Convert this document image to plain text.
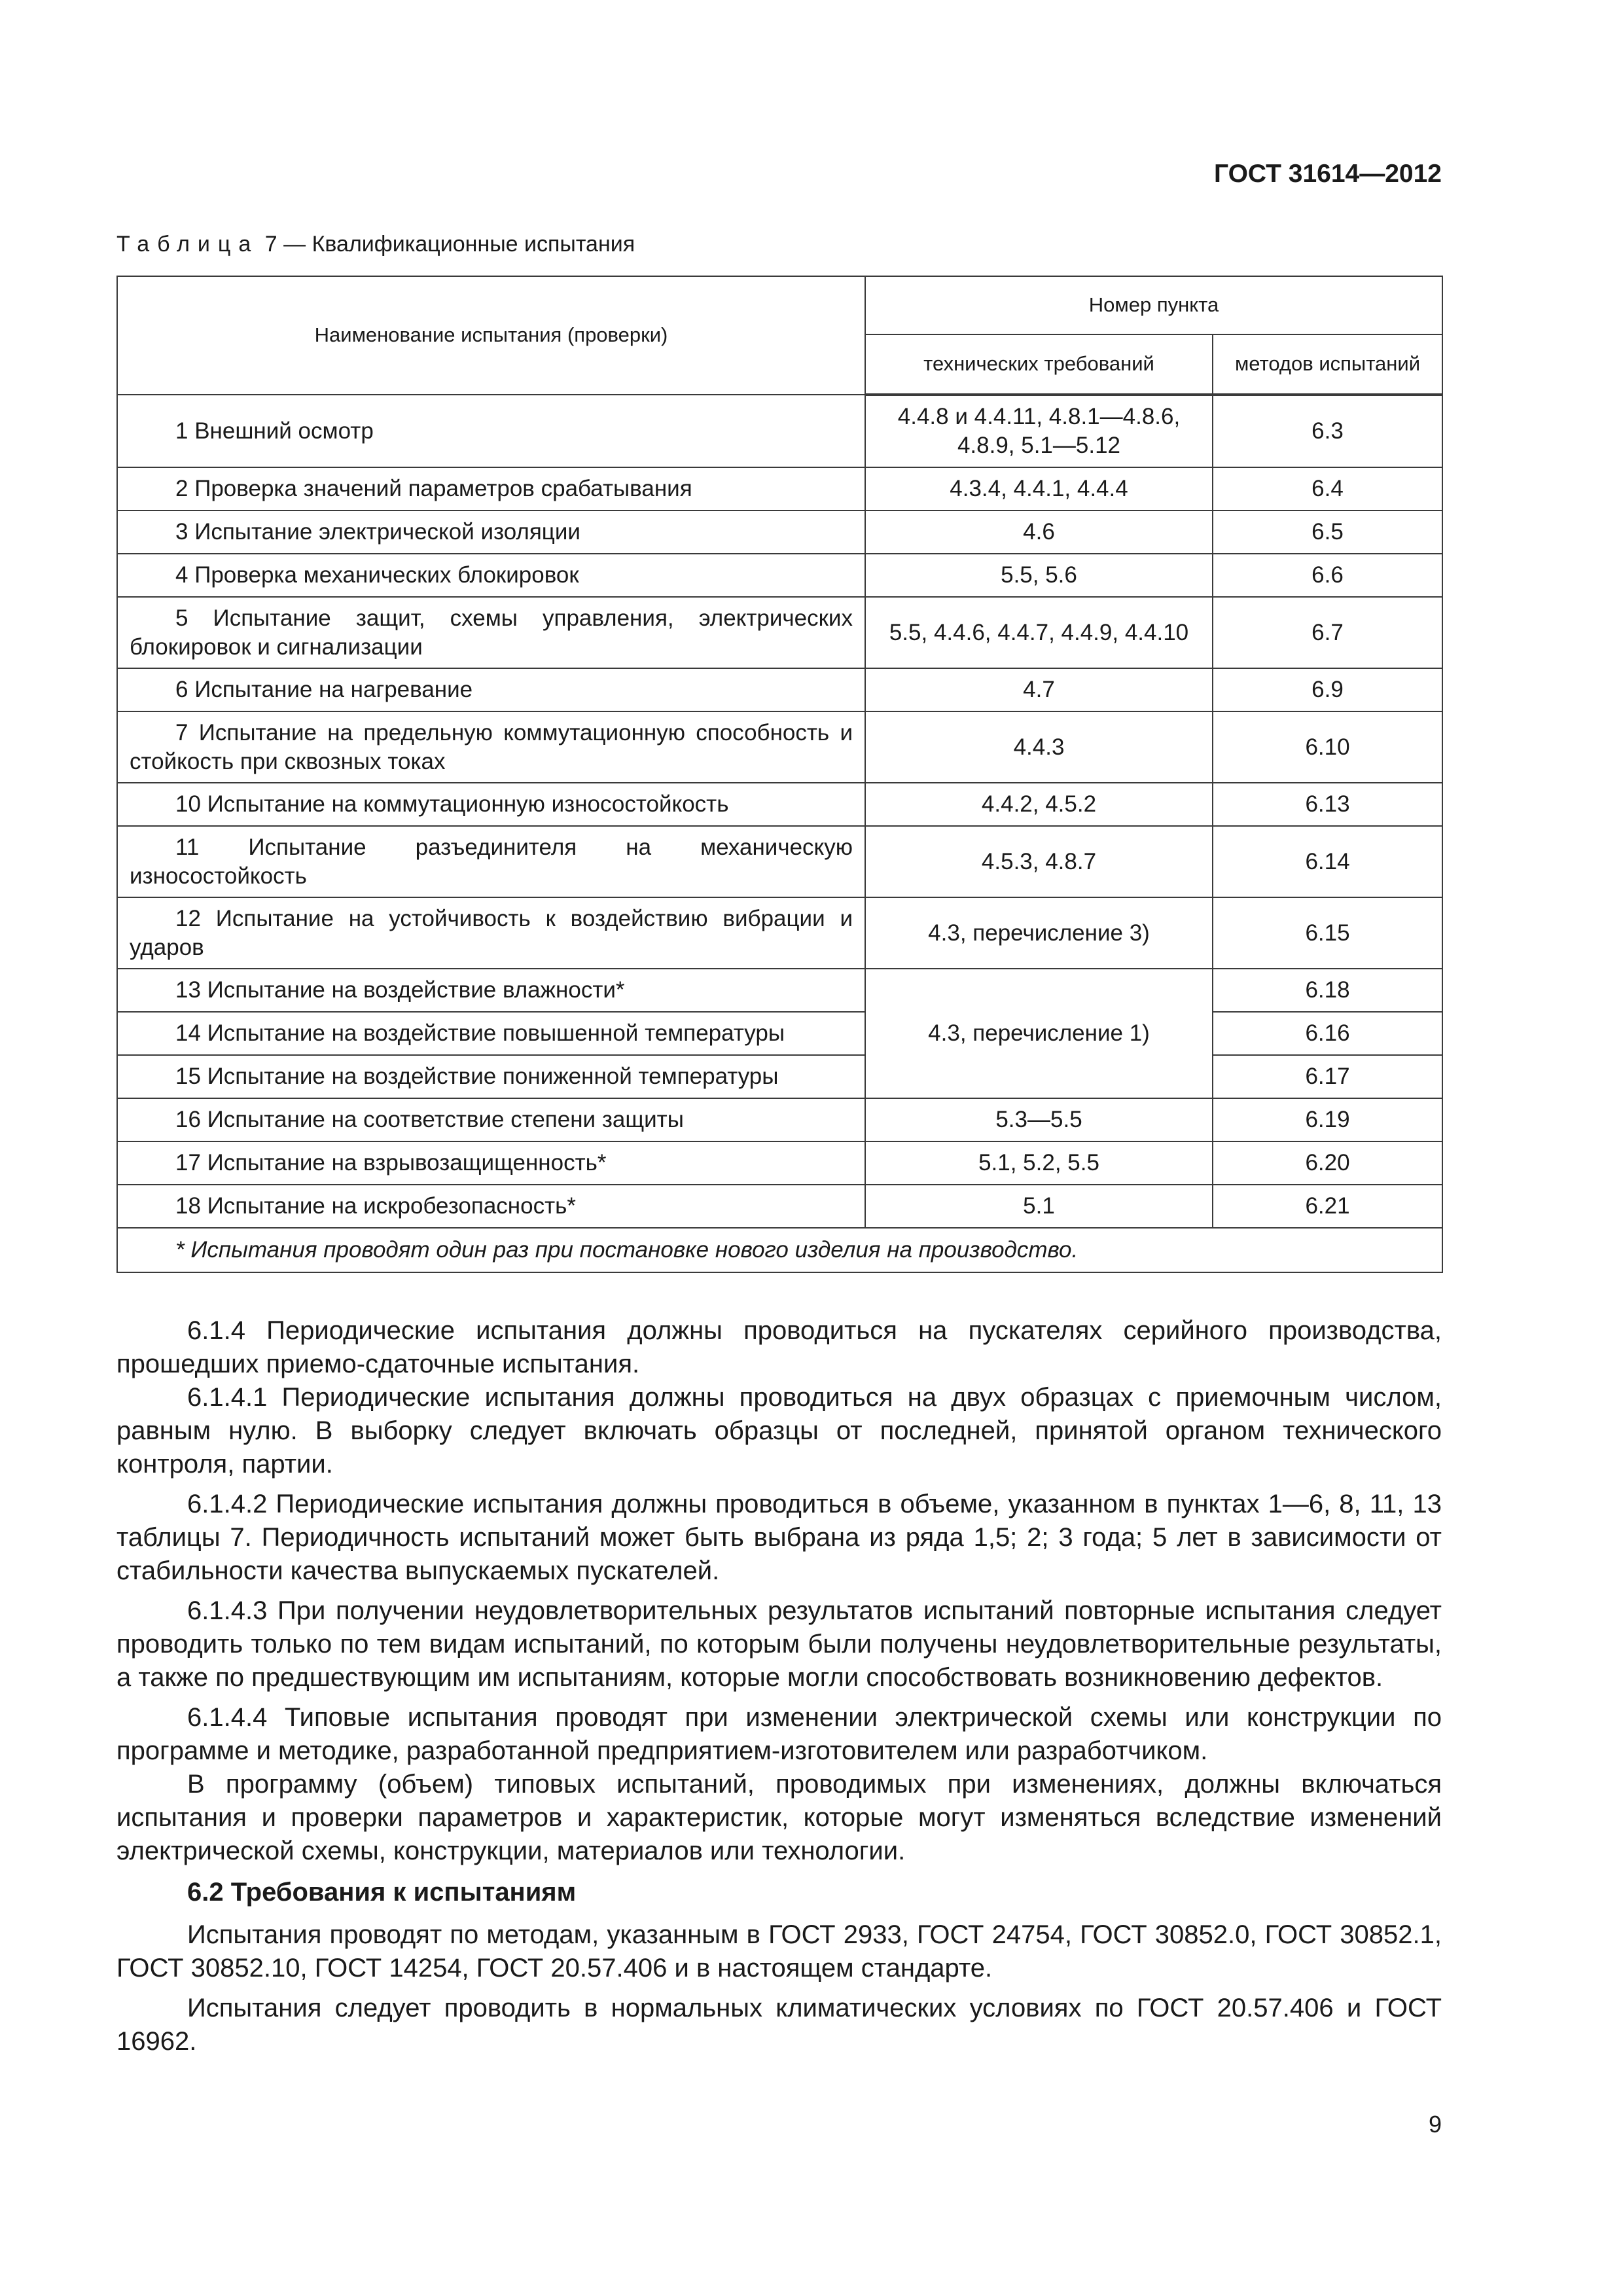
ГОСТ 31614—2012
Таблица 7 — Квалификационные испытания
Наименование испытания (проверки)	Номер пункта	
	технических требований	методов испытаний
1 Внешний осмотр	4.4.8 и 4.4.11, 4.8.1—4.8.6, 4.8.9, 5.1—5.12	6.3
2 Проверка значений параметров срабатывания	4.3.4, 4.4.1, 4.4.4	6.4
3 Испытание электрической изоляции	4.6	6.5
4 Проверка механических блокировок	5.5, 5.6	6.6
5 Испытание защит, схемы управления, электрических блокировок и сигнализации	5.5, 4.4.6, 4.4.7, 4.4.9, 4.4.10	6.7
6 Испытание на нагревание	4.7	6.9
7 Испытание на предельную коммутационную способность и стойкость при сквозных токах	4.4.3	6.10
10 Испытание на коммутационную износостойкость	4.4.2, 4.5.2	6.13
11 Испытание разъединителя на механическую износостойкость	4.5.3, 4.8.7	6.14
12 Испытание на устойчивость к воздействию вибрации и ударов	4.3, перечисление 3)	6.15
13 Испытание на воздействие влажности*	4.3, перечисление 1)	6.18
14 Испытание на воздействие повышенной температуры		6.16
15 Испытание на воздействие пониженной температуры		6.17
16 Испытание на соответствие степени защиты	5.3—5.5	6.19
17 Испытание на взрывозащищенность*	5.1, 5.2, 5.5	6.20
18 Испытание на искробезопасность*	5.1	6.21
* Испытания проводят один раз при постановке нового изделия на производство.		

6.1.4 Периодические испытания должны проводиться на пускателях серийного производства, прошедших приемо-сдаточные испытания.

6.1.4.1 Периодические испытания должны проводиться на двух образцах с приемочным числом, равным нулю. В выборку следует включать образцы от последней, принятой органом технического контроля, партии.

6.1.4.2 Периодические испытания должны проводиться в объеме, указанном в пунктах 1—6, 8, 11, 13 таблицы 7. Периодичность испытаний может быть выбрана из ряда 1,5; 2; 3 года; 5 лет в зависимости от стабильности качества выпускаемых пускателей.

6.1.4.3 При получении неудовлетворительных результатов испытаний повторные испытания следует проводить только по тем видам испытаний, по которым были получены неудовлетворительные результаты, а также по предшествующим им испытаниям, которые могли способствовать возникновению дефектов.

6.1.4.4 Типовые испытания проводят при изменении электрической схемы или конструкции по программе и методике, разработанной предприятием-изготовителем или разработчиком.

В программу (объем) типовых испытаний, проводимых при изменениях, должны включаться испытания и проверки параметров и характеристик, которые могут изменяться вследствие изменений электрической схемы, конструкции, материалов или технологии.

6.2 Требования к испытаниям

Испытания проводят по методам, указанным в ГОСТ 2933, ГОСТ 24754, ГОСТ 30852.0, ГОСТ 30852.1, ГОСТ 30852.10, ГОСТ 14254, ГОСТ 20.57.406 и в настоящем стандарте.

Испытания следует проводить в нормальных климатических условиях по ГОСТ 20.57.406 и ГОСТ 16962.

9
